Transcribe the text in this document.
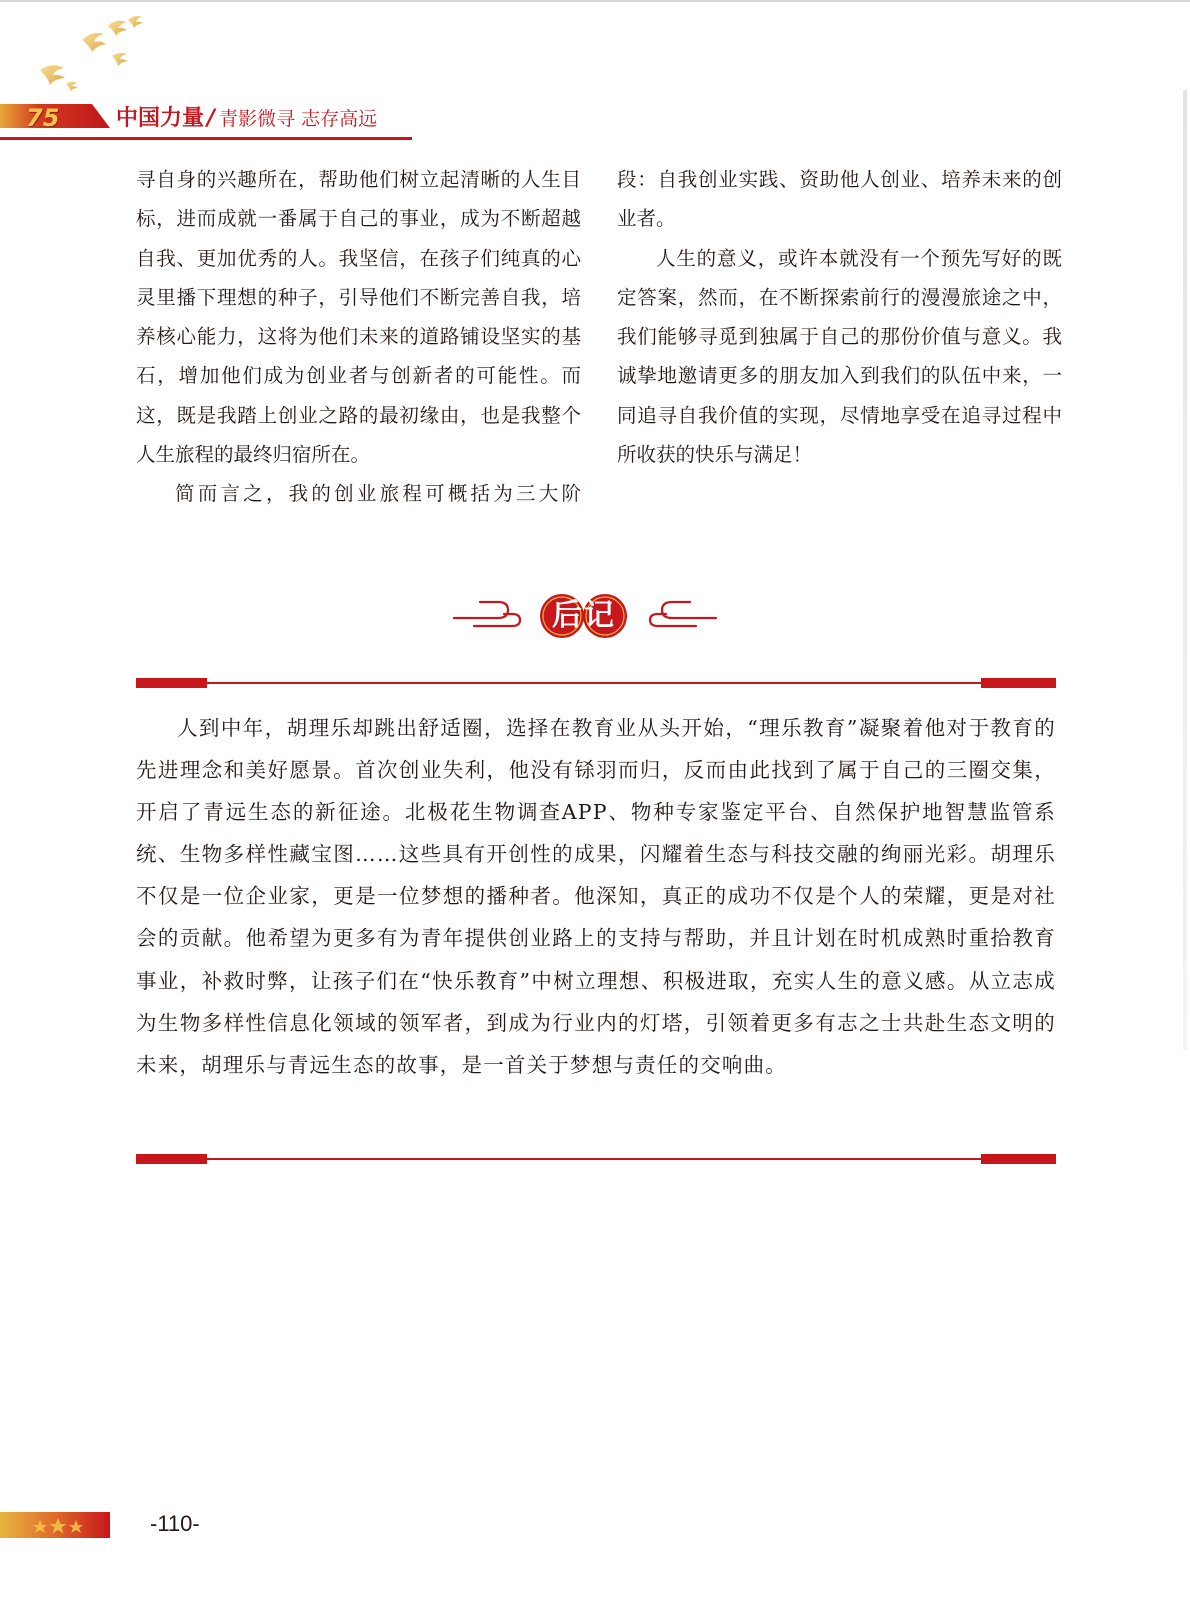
75	中国力量 / 青影微寻 志存高远

寻自身的兴趣所在，帮助他们树立起清晰的人生目标，进而成就一番属于自己的事业，成为不断超越自我、更加优秀的人。我坚信，在孩子们纯真的心灵里播下理想的种子，引导他们不断完善自我，培养核心能力，这将为他们未来的道路铺设坚实的基石，增加他们成为创业者与创新者的可能性。而这，既是我踏上创业之路的最初缘由，也是我整个人生旅程的最终归宿所在。

简而言之，我的创业旅程可概括为三大阶

段：自我创业实践、资助他人创业、培养未来的创业者。

人生的意义，或许本就没有一个预先写好的既定答案，然而，在不断探索前行的漫漫旅途之中，我们能够寻觅到独属于自己的那份价值与意义。我诚挚地邀请更多的朋友加入到我们的队伍中来，一同追寻自我价值的实现，尽情地享受在追寻过程中所收获的快乐与满足！

后记

人到中年，胡理乐却跳出舒适圈，选择在教育业从头开始，“理乐教育”凝聚着他对于教育的先进理念和美好愿景。首次创业失利，他没有铩羽而归，反而由此找到了属于自己的三圈交集，开启了青远生态的新征途。北极花生物调查APP、物种专家鉴定平台、自然保护地智慧监管系统、生物多样性藏宝图……这些具有开创性的成果，闪耀着生态与科技交融的绚丽光彩。胡理乐不仅是一位企业家，更是一位梦想的播种者。他深知，真正的成功不仅是个人的荣耀，更是对社会的贡献。他希望为更多有为青年提供创业路上的支持与帮助，并且计划在时机成熟时重拾教育事业，补救时弊，让孩子们在“快乐教育”中树立理想、积极进取，充实人生的意义感。从立志成为生物多样性信息化领域的领军者，到成为行业内的灯塔，引领着更多有志之士共赴生态文明的未来，胡理乐与青远生态的故事，是一首关于梦想与责任的交响曲。

-110-
